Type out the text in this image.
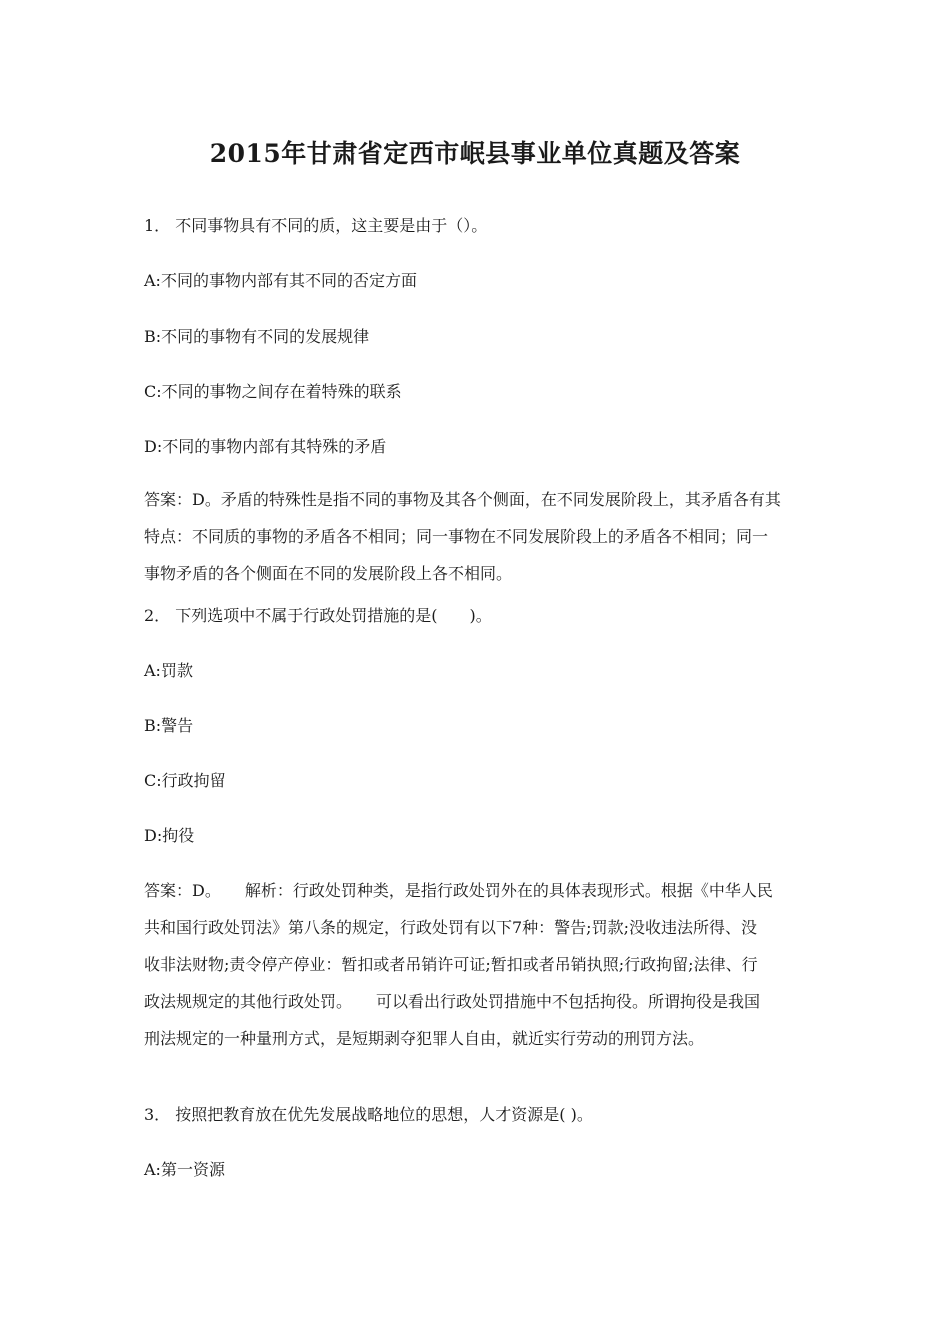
2015年甘肃省定西市岷县事业单位真题及答案
1． 不同事物具有不同的质，这主要是由于（）。
A:不同的事物内部有其不同的否定方面
B:不同的事物有不同的发展规律
C:不同的事物之间存在着特殊的联系
D:不同的事物内部有其特殊的矛盾
答案：D。矛盾的特殊性是指不同的事物及其各个侧面，在不同发展阶段上，其矛盾各有其
特点：不同质的事物的矛盾各不相同；同一事物在不同发展阶段上的矛盾各不相同；同一
事物矛盾的各个侧面在不同的发展阶段上各不相同。
2． 下列选项中不属于行政处罚措施的是(　　)。
A:罚款
B:警告
C:行政拘留
D:拘役
答案：D。　　解析：行政处罚种类，是指行政处罚外在的具体表现形式。根据《中华人民
共和国行政处罚法》第八条的规定，行政处罚有以下7种：警告;罚款;没收违法所得、没
收非法财物;责令停产停业：暂扣或者吊销许可证;暂扣或者吊销执照;行政拘留;法律、行
政法规规定的其他行政处罚。　　可以看出行政处罚措施中不包括拘役。所谓拘役是我国
刑法规定的一种量刑方式，是短期剥夺犯罪人自由，就近实行劳动的刑罚方法。
3． 按照把教育放在优先发展战略地位的思想，人才资源是( )。
A:第一资源
